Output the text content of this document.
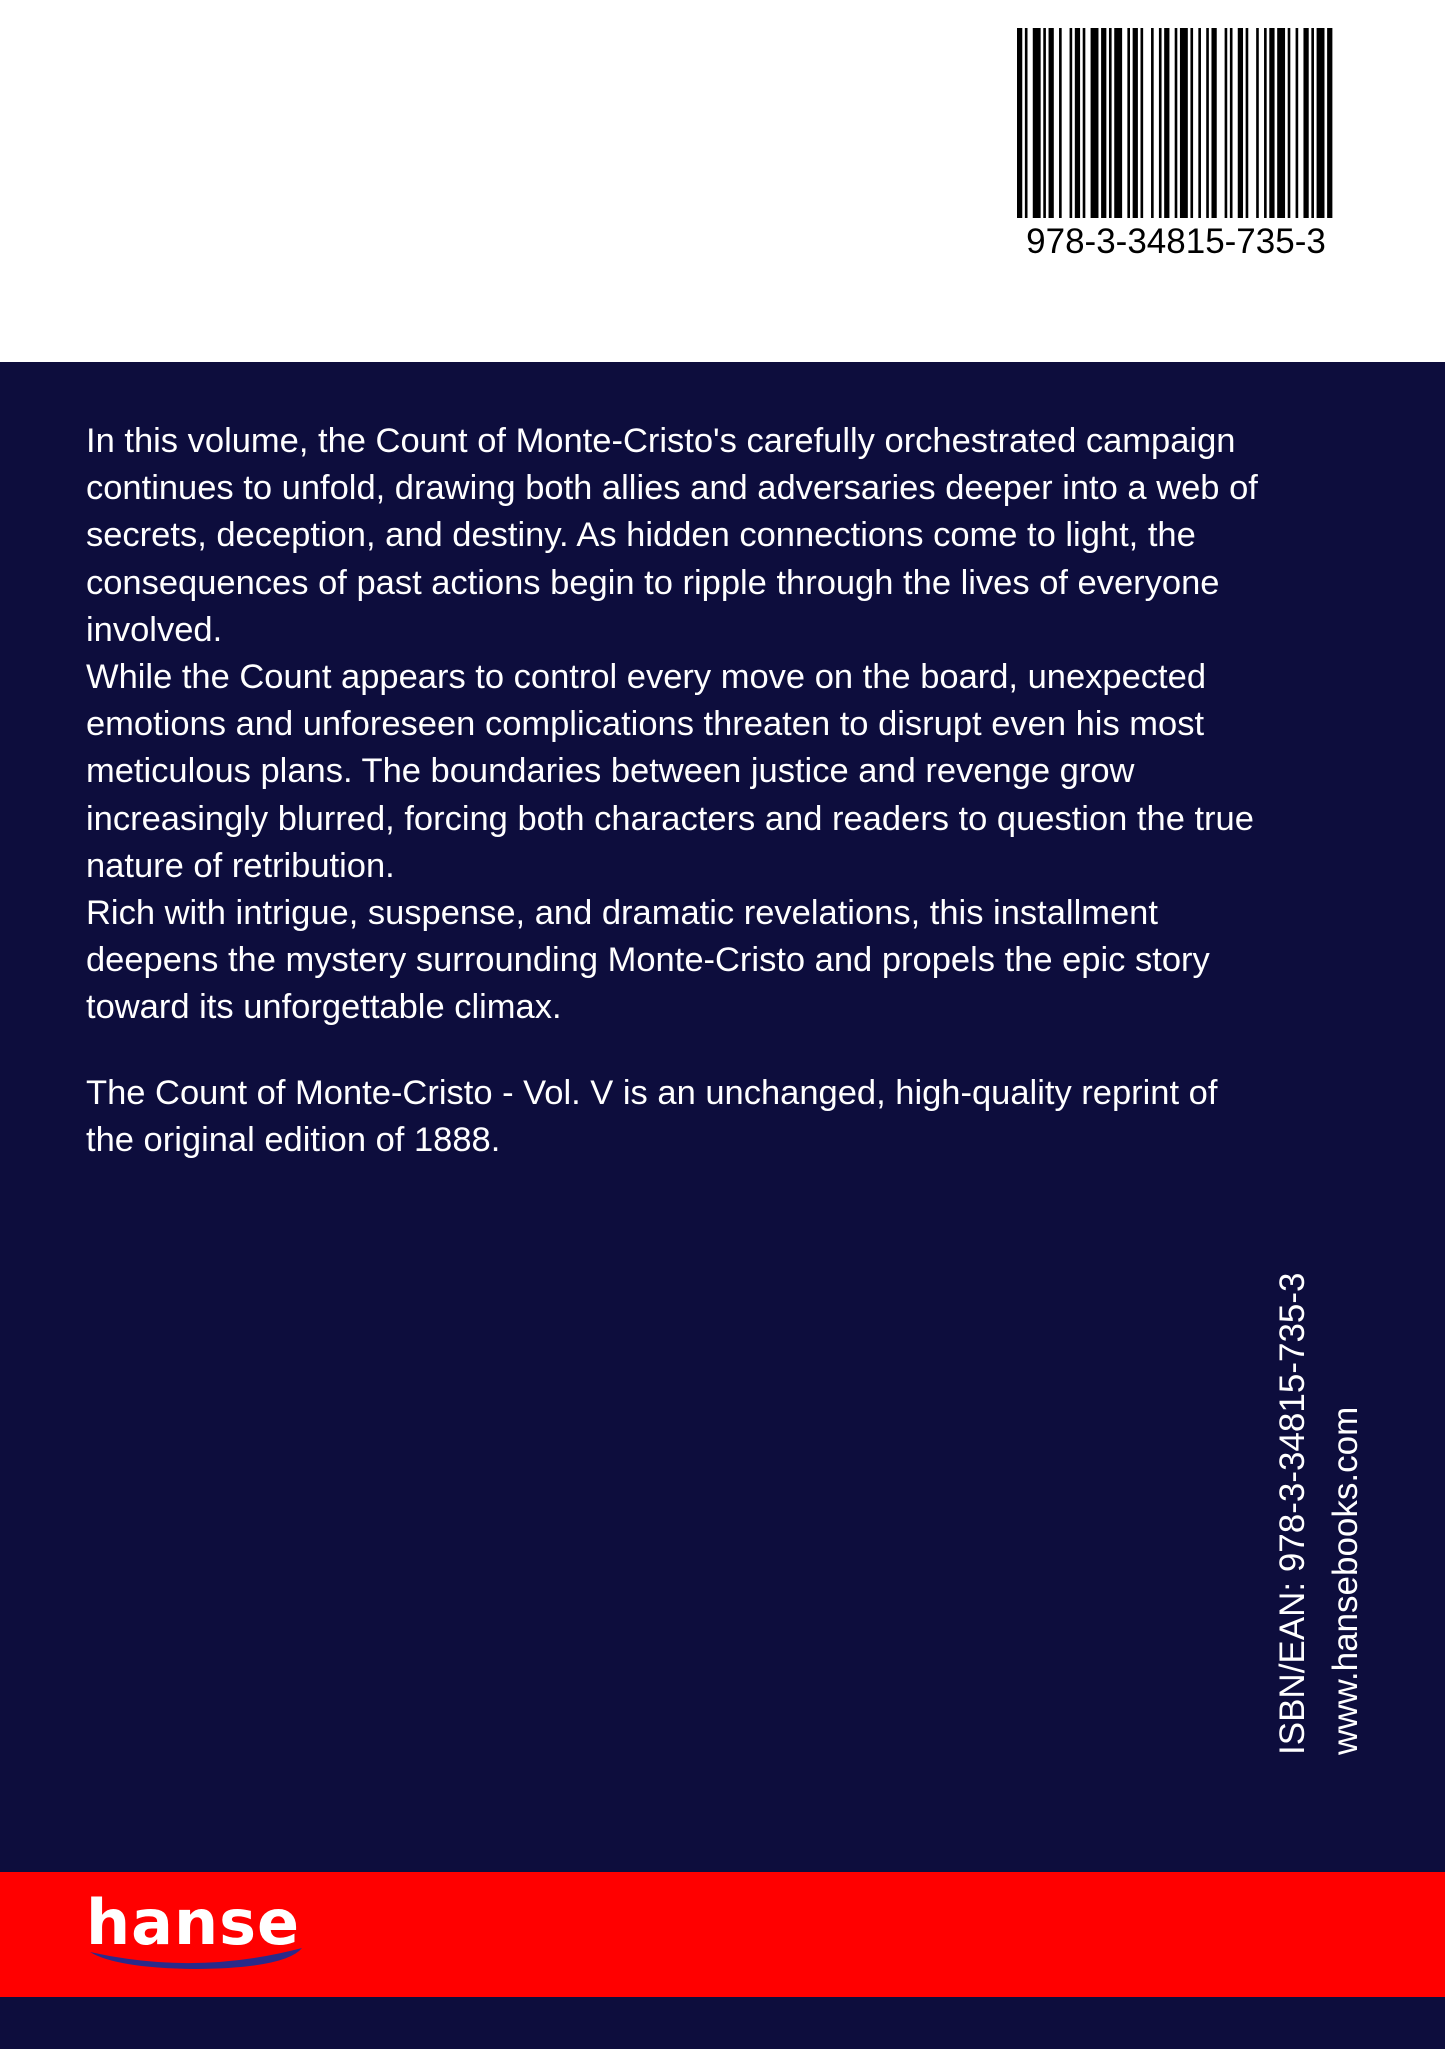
978-3-34815-735-3

In this volume, the Count of Monte-Cristo's carefully orchestrated campaign
continues to unfold, drawing both allies and adversaries deeper into a web of
secrets, deception, and destiny. As hidden connections come to light, the
consequences of past actions begin to ripple through the lives of everyone
involved.

While the Count appears to control every move on the board, unexpected
emotions and unforeseen complications threaten to disrupt even his most
meticulous plans. The boundaries between justice and revenge grow
increasingly blurred, forcing both characters and readers to question the true
nature of retribution.

Rich with intrigue, suspense, and dramatic revelations, this installment
deepens the mystery surrounding Monte-Cristo and propels the epic story
toward its unforgettable climax.

The Count of Monte-Cristo - Vol. V is an unchanged, high-quality reprint of
the original edition of 1888.

ISBN/EAN: 978-3-34815-735-3 www.hansebooks.com
hanse
